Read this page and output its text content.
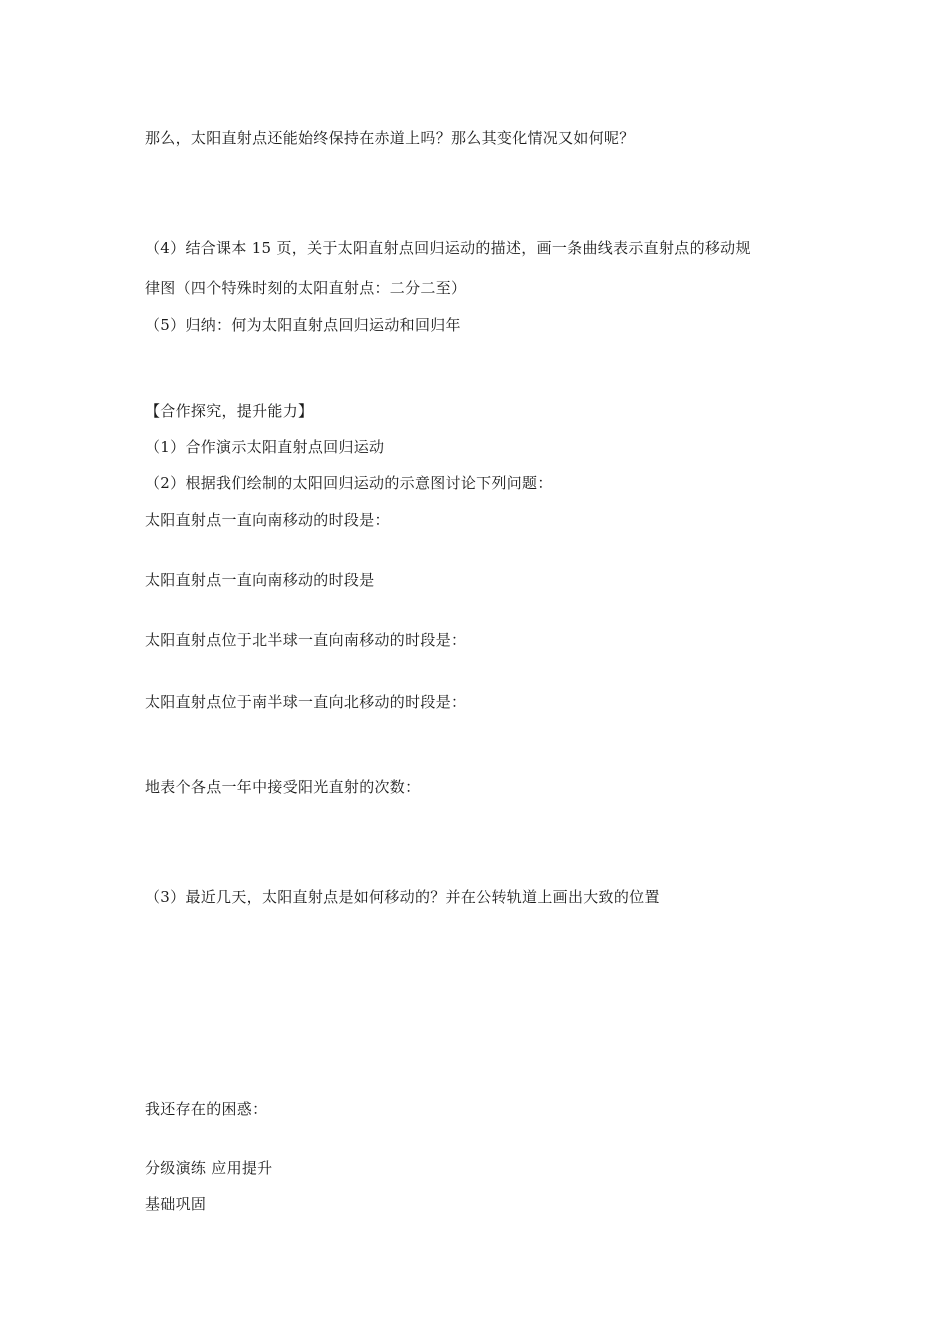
那么，太阳直射点还能始终保持在赤道上吗？那么其变化情况又如何呢？
（4）结合课本 15 页，关于太阳直射点回归运动的描述，画一条曲线表示直射点的移动规
律图（四个特殊时刻的太阳直射点：二分二至）
（5）归纳：何为太阳直射点回归运动和回归年
【合作探究，提升能力】
（1）合作演示太阳直射点回归运动
（2）根据我们绘制的太阳回归运动的示意图讨论下列问题：
太阳直射点一直向南移动的时段是：
太阳直射点一直向南移动的时段是
太阳直射点位于北半球一直向南移动的时段是：
太阳直射点位于南半球一直向北移动的时段是：
地表个各点一年中接受阳光直射的次数：
（3）最近几天，太阳直射点是如何移动的？并在公转轨道上画出大致的位置
我还存在的困惑：
分级演练 应用提升
基础巩固
